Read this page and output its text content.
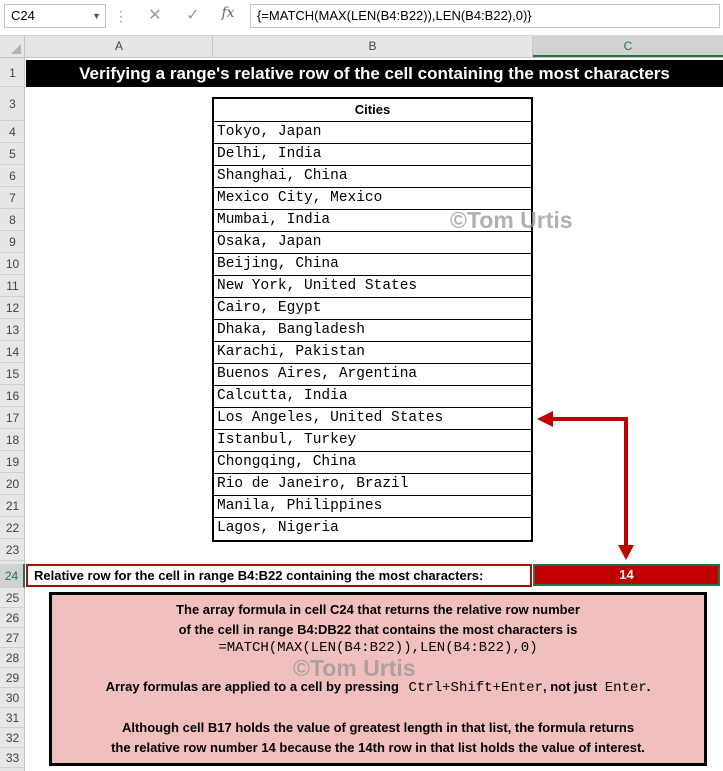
C24	▼ ⋮	✕	✓	fx	{=MATCH(MAX(LEN(B4:B22)),LEN(B4:B22),0)}
A	B	C
1
3
4
5
6
7
8
9
10
11
12
13
14
15
16
17
18
19
20
21
22
23
24
25
26
27
28
29
30
31
32
33
Verifying a range's relative row of the cell containing the most characters
Cities
Tokyo, Japan
Delhi, India
Shanghai, China
Mexico City, Mexico
Mumbai, India
Osaka, Japan
Beijing, China
New York, United States
Cairo, Egypt
Dhaka, Bangladesh
Karachi, Pakistan
Buenos Aires, Argentina
Calcutta, India
Los Angeles, United States
Istanbul, Turkey
Chongqing, China
Rio de Janeiro, Brazil
Manila, Philippines
Lagos, Nigeria
©Tom Urtis
Relative row for the cell in range B4:B22 containing the most characters:	14
The array formula in cell C24 that returns the relative row number
of the cell in range B4:DB22 that contains the most characters is
=MATCH(MAX(LEN(B4:B22)),LEN(B4:B22),0)
Array formulas are applied to a cell by pressing Ctrl+Shift+Enter, not just Enter.
Although cell B17 holds the value of greatest length in that list, the formula returns
the relative row number 14 because the 14th row in that list holds the value of interest.
©Tom Urtis
